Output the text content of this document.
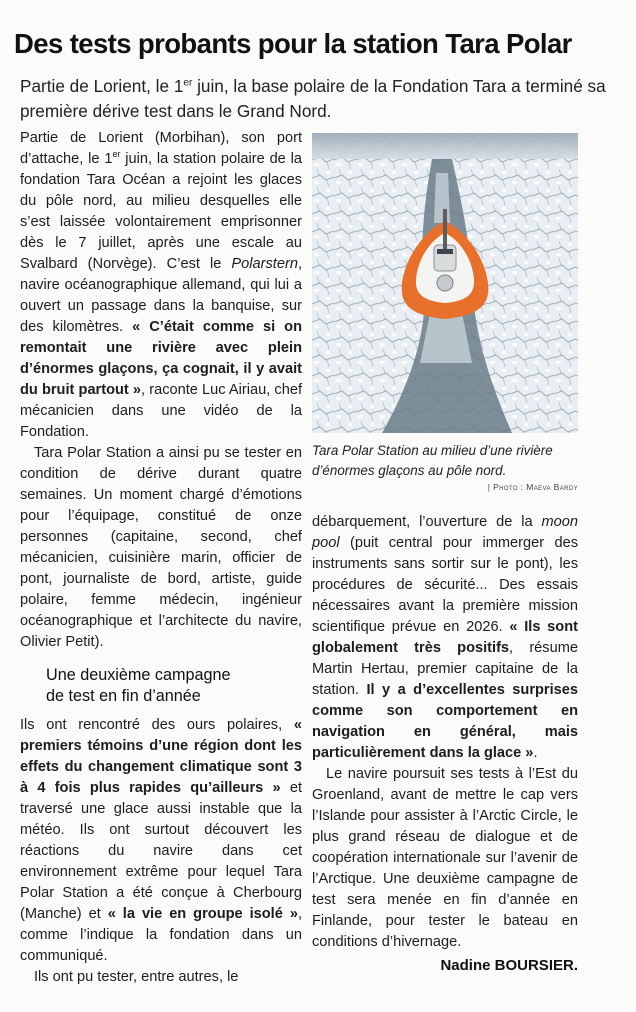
Des tests probants pour la station Tara Polar
Partie de Lorient, le 1er juin, la base polaire de la Fondation Tara a terminé sa première dérive test dans le Grand Nord.

Partie de Lorient (Morbihan), son port d’attache, le 1er juin, la station polaire de la fondation Tara Océan a rejoint les glaces du pôle nord, au milieu desquelles elle s’est laissée volontairement emprisonner dès le 7 juillet, après une escale au Svalbard (Norvège). C’est le Polarstern, navire océanographique allemand, qui lui a ouvert un passage dans la banquise, sur des kilomètres. « C’était comme si on remontait une rivière avec plein d’énormes glaçons, ça cognait, il y avait du bruit partout », raconte Luc Airiau, chef mécanicien dans une vidéo de la Fondation.

Tara Polar Station a ainsi pu se tester en condition de dérive durant quatre semaines. Un moment chargé d’émotions pour l’équipage, constitué de onze personnes (capitaine, second, chef mécanicien, cuisinière marin, officier de pont, journaliste de bord, artiste, guide polaire, femme médecin, ingénieur océanographique et l’architecte du navire, Olivier Petit).

Une deuxième campagne
de test en fin d’année

Ils ont rencontré des ours polaires, « premiers témoins d’une région dont les effets du changement climatique sont 3 à 4 fois plus rapides qu’ailleurs » et traversé une glace aussi instable que la météo. Ils ont surtout découvert les réactions du navire dans cet environnement extrême pour lequel Tara Polar Station a été conçue à Cherbourg (Manche) et « la vie en groupe isolé », comme l’indique la fondation dans un communiqué.

Ils ont pu tester, entre autres, le

Tara Polar Station au milieu d’une rivière d’énormes glaçons au pôle nord.
| Photo : Maeva Bardy

débarquement, l’ouverture de la moon pool (puit central pour immerger des instruments sans sortir sur le pont), les procédures de sécurité... Des essais nécessaires avant la première mission scientifique prévue en 2026. « Ils sont globalement très positifs, résume Martin Hertau, premier capitaine de la station. Il y a d’excellentes surprises comme son comportement en navigation en général, mais particulièrement dans la glace ».

Le navire poursuit ses tests à l’Est du Groenland, avant de mettre le cap vers l’Islande pour assister à l’Arctic Circle, le plus grand réseau de dialogue et de coopération internationale sur l’avenir de l’Arctique. Une deuxième campagne de test sera menée en fin d’année en Finlande, pour tester le bateau en conditions d’hivernage.

Nadine BOURSIER.
